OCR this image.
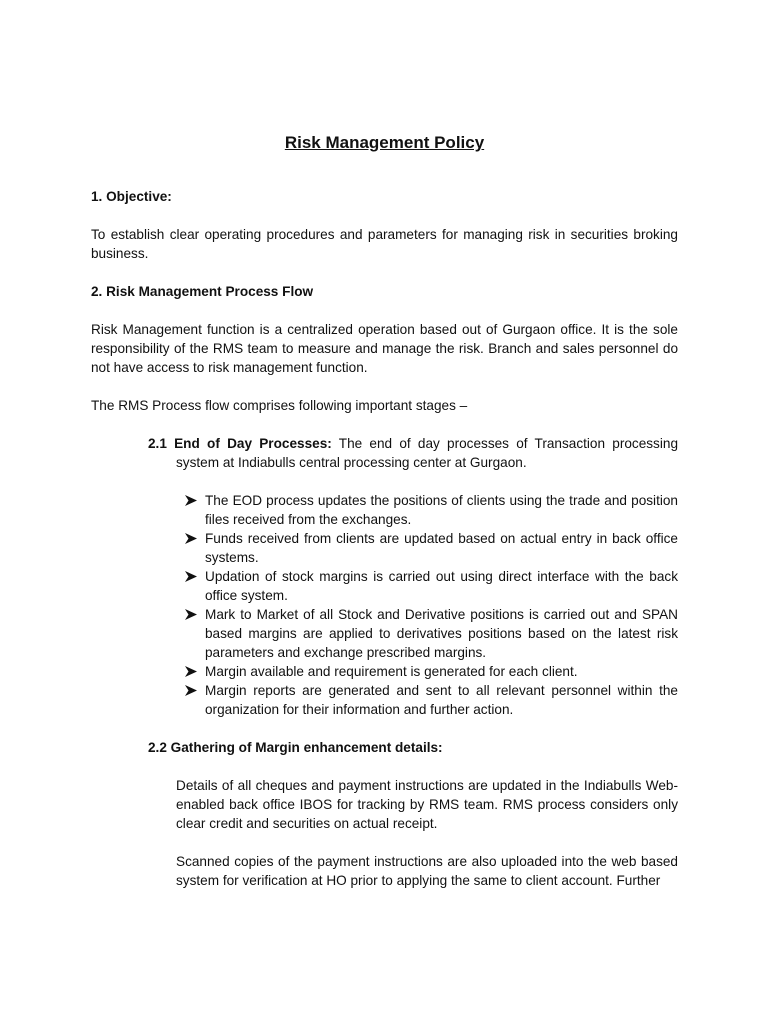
Risk Management Policy
1. Objective:

To establish clear operating procedures and parameters for managing risk in securities broking business.

2. Risk Management Process Flow

Risk Management function is a centralized operation based out of Gurgaon office. It is the sole responsibility of the RMS team to measure and manage the risk. Branch and sales personnel do not have access to risk management function.

The RMS Process flow comprises following important stages –

2.1 End of Day Processes: The end of day processes of Transaction processing system at Indiabulls central processing center at Gurgaon.
The EOD process updates the positions of clients using the trade and position files received from the exchanges.
Funds received from clients are updated based on actual entry in back office systems.
Updation of stock margins is carried out using direct interface with the back office system.
Mark to Market of all Stock and Derivative positions is carried out and SPAN based margins are applied to derivatives positions based on the latest risk parameters and exchange prescribed margins.
Margin available and requirement is generated for each client.
Margin reports are generated and sent to all relevant personnel within the organization for their information and further action.
2.2 Gathering of Margin enhancement details:

Details of all cheques and payment instructions are updated in the Indiabulls Web-enabled back office IBOS for tracking by RMS team. RMS process considers only clear credit and securities on actual receipt.

Scanned copies of the payment instructions are also uploaded into the web based system for verification at HO prior to applying the same to client account. Further
